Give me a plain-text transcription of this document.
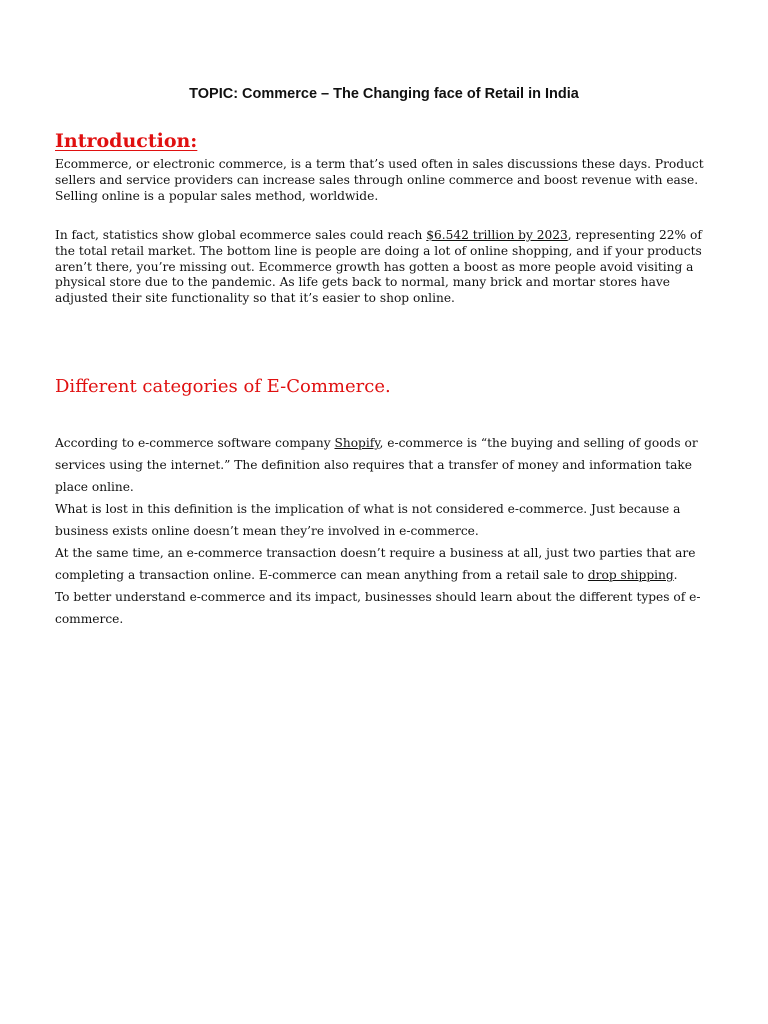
TOPIC: Commerce – The Changing face of Retail in India
Introduction:

Ecommerce, or electronic commerce, is a term that’s used often in sales discussions these days. Product sellers and service providers can increase sales through online commerce and boost revenue with ease. Selling online is a popular sales method, worldwide.

In fact, statistics show global ecommerce sales could reach $6.542 trillion by 2023, representing 22% of the total retail market. The bottom line is people are doing a lot of online shopping, and if your products aren’t there, you’re missing out. Ecommerce growth has gotten a boost as more people avoid visiting a physical store due to the pandemic. As life gets back to normal, many brick and mortar stores have adjusted their site functionality so that it’s easier to shop online.

Different categories of E-Commerce.

According to e-commerce software company Shopify, e-commerce is “the buying and selling of goods or services using the internet.” The definition also requires that a transfer of money and information take place online.

What is lost in this definition is the implication of what is not considered e-commerce. Just because a business exists online doesn’t mean they’re involved in e-commerce.

At the same time, an e-commerce transaction doesn’t require a business at all, just two parties that are completing a transaction online. E-commerce can mean anything from a retail sale to drop shipping.

To better understand e-commerce and its impact, businesses should learn about the different types of e-commerce.
